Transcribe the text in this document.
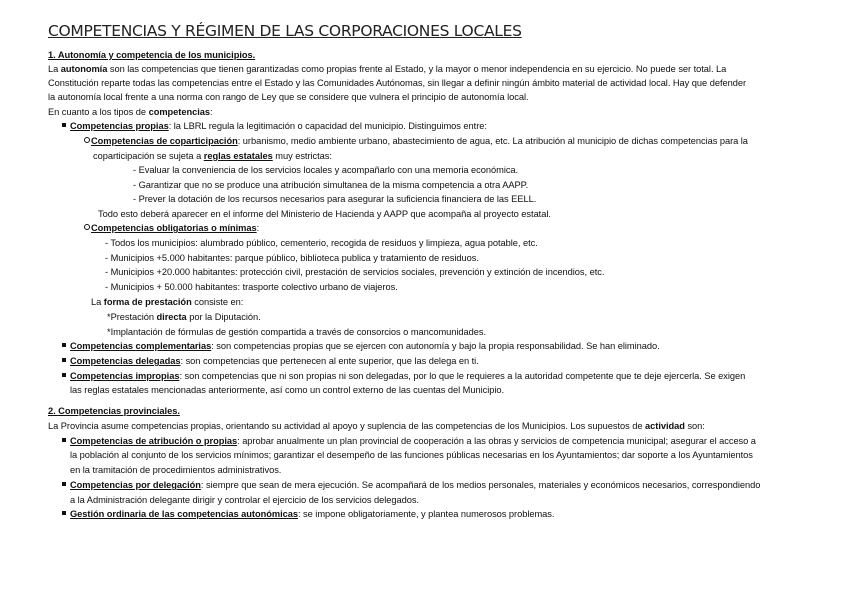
COMPETENCIAS Y RÉGIMEN DE LAS CORPORACIONES LOCALES
1. Autonomía y competencia de los municipios.
La autonomía son las competencias que tienen garantizadas como propias frente al Estado, y la mayor o menor independencia en su ejercicio. No puede ser total. La
Constitución reparte todas las competencias entre el Estado y las Comunidades Autónomas, sin llegar a definir ningún ámbito material de actividad local. Hay que defender
la autonomía local frente a una norma con rango de Ley que se considere que vulnera el principio de autonomía local.
En cuanto a los tipos de competencias:
Competencias propias: la LBRL regula la legitimación o capacidad del municipio. Distinguimos entre:
Competencias de coparticipación: urbanismo, medio ambiente urbano, abastecimiento de agua, etc. La atribución al municipio de dichas competencias para la
coparticipación se sujeta a reglas estatales muy estrictas:
- Evaluar la conveniencia de los servicios locales y acompañarlo con una memoria económica.
- Garantizar que no se produce una atribución simultanea de la misma competencia a otra AAPP.
- Prever la dotación de los recursos necesarios para asegurar la suficiencia financiera de las EELL.
Todo esto deberá aparecer en el informe del Ministerio de Hacienda y AAPP que acompaña al proyecto estatal.
Competencias obligatorias o mínimas:
- Todos los municipios: alumbrado público, cementerio, recogida de residuos y limpieza, agua potable, etc.
- Municipios +5.000 habitantes: parque público, biblioteca publica y tratamiento de residuos.
- Municipios +20.000 habitantes: protección civil, prestación de servicios sociales, prevención y extinción de incendios, etc.
- Municipios + 50.000 habitantes: trasporte colectivo urbano de viajeros.
La forma de prestación consiste en:
*Prestación directa por la Diputación.
*Implantación de fórmulas de gestión compartida a través de consorcios o mancomunidades.
Competencias complementarias: son competencias propias que se ejercen con autonomía y bajo la propia responsabilidad. Se han eliminado.
Competencias delegadas: son competencias que pertenecen al ente superior, que las delega en ti.
Competencias impropias: son competencias que ni son propias ni son delegadas, por lo que le requieres a la autoridad competente que te deje ejercerla. Se exigen
las reglas estatales mencionadas anteriormente, así como un control externo de las cuentas del Municipio.
2. Competencias provinciales.
La Provincia asume competencias propias, orientando su actividad al apoyo y suplencia de las competencias de los Municipios. Los supuestos de actividad son:
Competencias de atribución o propias: aprobar anualmente un plan provincial de cooperación a las obras y servicios de competencia municipal; asegurar el acceso a
la población al conjunto de los servicios mínimos; garantizar el desempeño de las funciones públicas necesarias en los Ayuntamientos; dar soporte a los Ayuntamientos
en la tramitación de procedimientos administrativos.
Competencias por delegación: siempre que sean de mera ejecución. Se acompañará de los medios personales, materiales y económicos necesarios, correspondiendo
a la Administración delegante dirigir y controlar el ejercicio de los servicios delegados.
Gestión ordinaria de las competencias autonómicas: se impone obligatoriamente, y plantea numerosos problemas.
